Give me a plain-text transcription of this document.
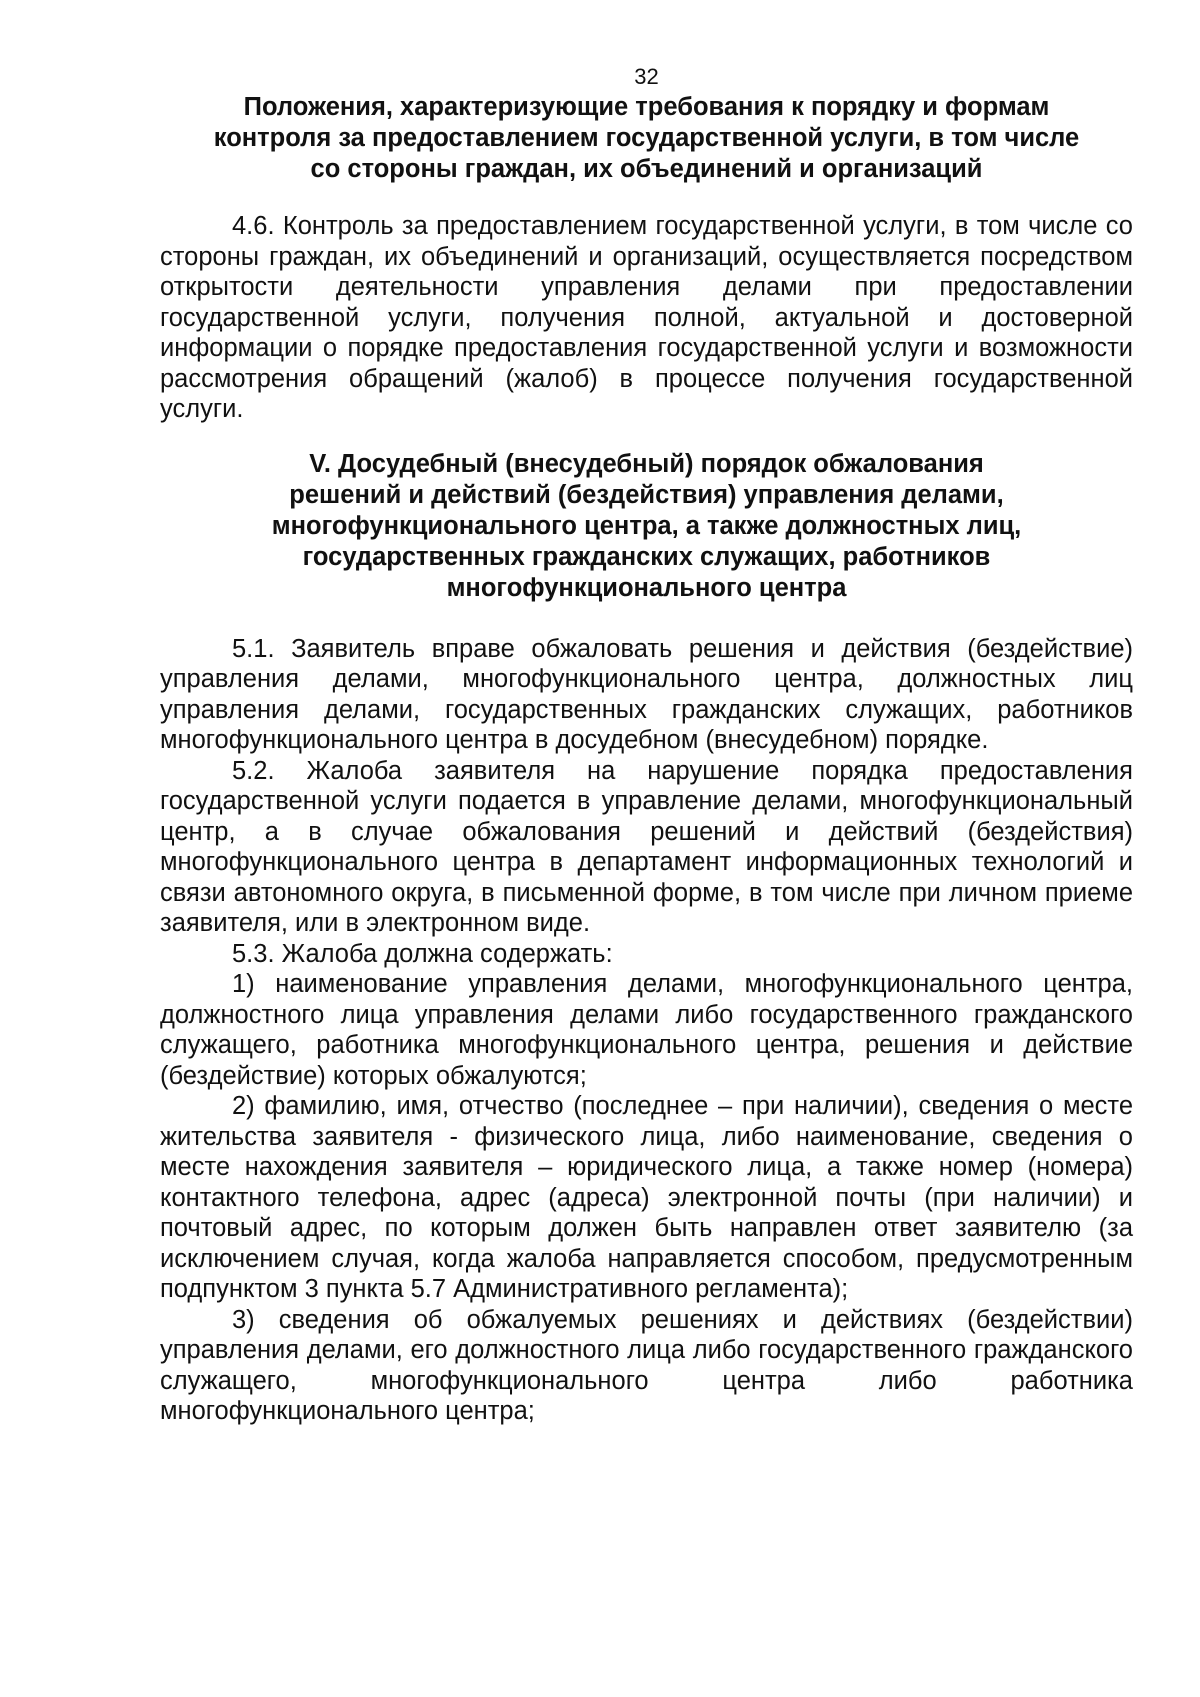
32
Положения, характеризующие требования к порядку и формам
контроля за предоставлением государственной услуги, в том числе
со стороны граждан, их объединений и организаций

4.6. Контроль за предоставлением государственной услуги, в том числе со стороны граждан, их объединений и организаций, осуществляется посредством открытости деятельности управления делами при предоставлении государственной услуги, получения полной, актуальной и достоверной информации о порядке предоставления государственной услуги и возможности рассмотрения обращений (жалоб) в процессе получения государственной услуги.

V. Досудебный (внесудебный) порядок обжалования
решений и действий (бездействия) управления делами,
многофункционального центра, а также должностных лиц,
государственных гражданских служащих, работников
многофункционального центра

5.1. Заявитель вправе обжаловать решения и действия (бездействие) управления делами, многофункционального центра, должностных лиц управления делами, государственных гражданских служащих, работников многофункционального центра в досудебном (внесудебном) порядке.

5.2. Жалоба заявителя на нарушение порядка предоставления государственной услуги подается в управление делами, многофункциональный центр, а в случае обжалования решений и действий (бездействия) многофункционального центра в департамент информационных технологий и связи автономного округа, в письменной форме, в том числе при личном приеме заявителя, или в электронном виде.

5.3. Жалоба должна содержать:

1) наименование управления делами, многофункционального центра, должностного лица управления делами либо государственного гражданского служащего, работника многофункционального центра, решения и действие (бездействие) которых обжалуются;

2) фамилию, имя, отчество (последнее – при наличии), сведения о месте жительства заявителя - физического лица, либо наименование, сведения о месте нахождения заявителя – юридического лица, а также номер (номера) контактного телефона, адрес (адреса) электронной почты (при наличии) и почтовый адрес, по которым должен быть направлен ответ заявителю (за исключением случая, когда жалоба направляется способом, предусмотренным подпунктом 3 пункта 5.7 Административного регламента);

3) сведения об обжалуемых решениях и действиях (бездействии) управления делами, его должностного лица либо государственного гражданского служащего, многофункционального центра либо работника многофункционального центра;
